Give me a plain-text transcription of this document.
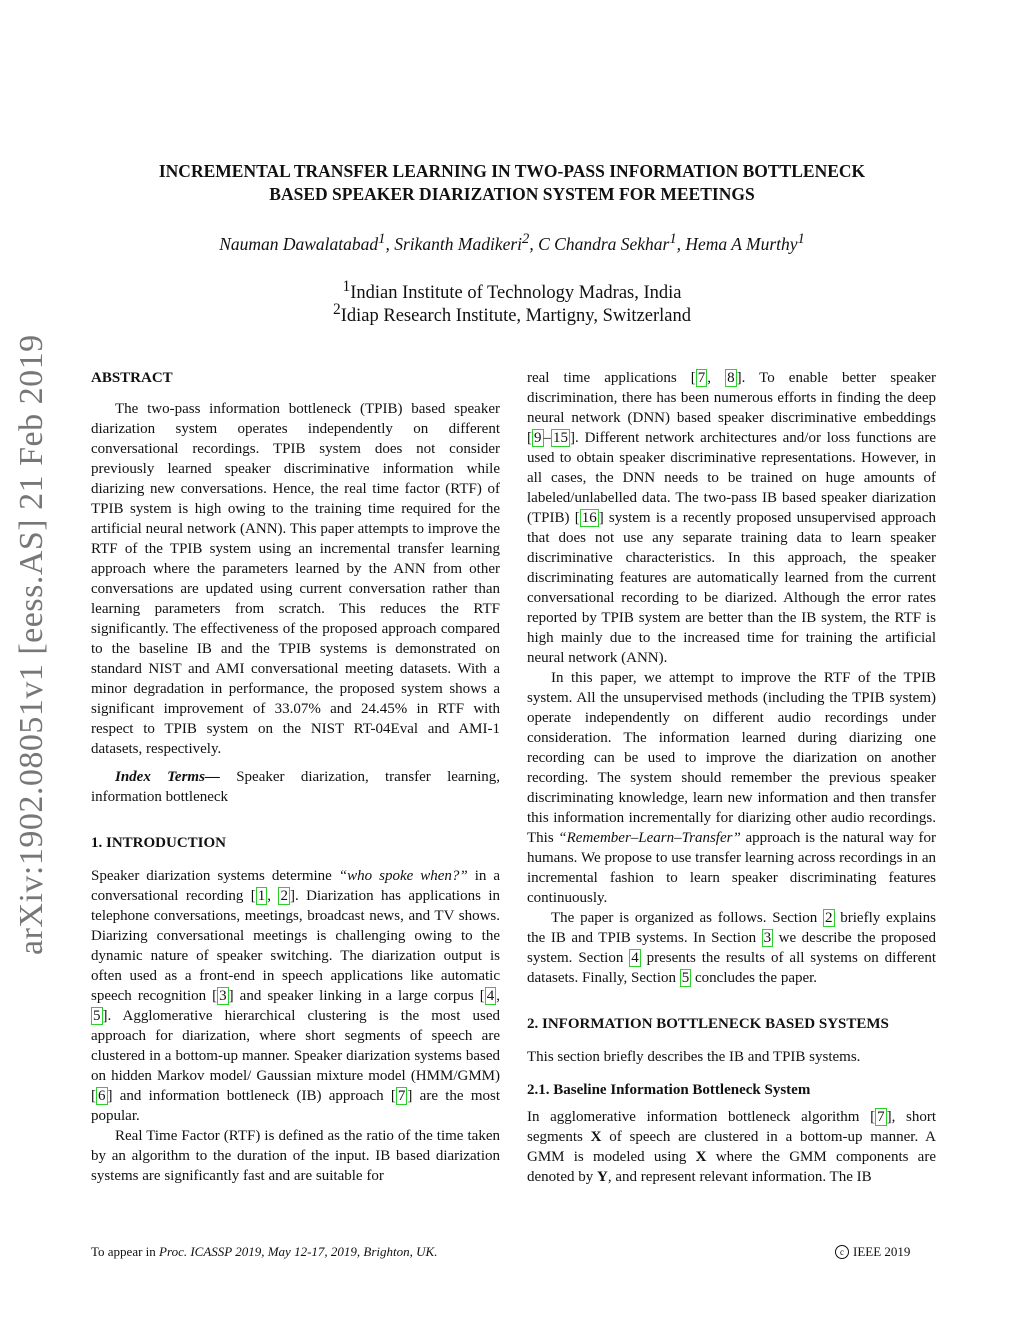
arXiv:1902.08051v1 [eess.AS] 21 Feb 2019
INCREMENTAL TRANSFER LEARNING IN TWO-PASS INFORMATION BOTTLENECK
BASED SPEAKER DIARIZATION SYSTEM FOR MEETINGS

Nauman Dawalatabad$^1$, Srikanth Madikeri$^2$, C Chandra Sekhar$^1$, Hema A Murthy$^1$

$^1$Indian Institute of Technology Madras, India

$^2$Idiap Research Institute, Martigny, Switzerland

ABSTRACT

The two-pass information bottleneck (TPIB) based speaker diarization system operates independently on different conversational recordings. TPIB system does not consider previously learned speaker discriminative information while diarizing new conversations. Hence, the real time factor (RTF) of TPIB system is high owing to the training time required for the artificial neural network (ANN). This paper attempts to improve the RTF of the TPIB system using an incremental transfer learning approach where the parameters learned by the ANN from other conversations are updated using current conversation rather than learning parameters from scratch. This reduces the RTF significantly. The effectiveness of the proposed approach compared to the baseline IB and the TPIB systems is demonstrated on standard NIST and AMI conversational meeting datasets. With a minor degradation in performance, the proposed system shows a significant improvement of 33.07% and 24.45% in RTF with respect to TPIB system on the NIST RT-04Eval and AMI-1 datasets, respectively.

Index Terms— Speaker diarization, transfer learning, information bottleneck

1. INTRODUCTION

Speaker diarization systems determine “who spoke when?” in a conversational recording [ 1 , 2 ]. Diarization has applications in telephone conversations, meetings, broadcast news, and TV shows. Diarizing conversational meetings is challenging owing to the dynamic nature of speaker switching. The diarization output is often used as a front-end in speech applications like automatic speech recognition [ 3 ] and speaker linking in a large corpus [ 4 , 5 ]. Agglomerative hierarchical clustering is the most used approach for diarization, where short segments of speech are clustered in a bottom-up manner. Speaker diarization systems based on hidden Markov model/ Gaussian mixture model (HMM/GMM) [ 6 ] and information bottleneck (IB) approach [ 7 ] are the most popular.

Real Time Factor (RTF) is defined as the ratio of the time taken by an algorithm to the duration of the input. IB based diarization systems are significantly fast and are suitable for

real time applications [ 7 , 8 ]. To enable better speaker discrimination, there has been numerous efforts in finding the deep neural network (DNN) based speaker discriminative embeddings [ 9 – 15 ]. Different network architectures and/or loss functions are used to obtain speaker discriminative representations. However, in all cases, the DNN needs to be trained on huge amounts of labeled/unlabelled data. The two-pass IB based speaker diarization (TPIB) [ 16 ] system is a recently proposed unsupervised approach that does not use any separate training data to learn speaker discriminative characteristics. In this approach, the speaker discriminating features are automatically learned from the current conversational recording to be diarized. Although the error rates reported by TPIB system are better than the IB system, the RTF is high mainly due to the increased time for training the artificial neural network (ANN).

In this paper, we attempt to improve the RTF of the TPIB system. All the unsupervised methods (including the TPIB system) operate independently on different audio recordings under consideration. The information learned during diarizing one recording can be used to improve the diarization on another recording. The system should remember the previous speaker discriminating knowledge, learn new information and then transfer this information incrementally for diarizing other audio recordings. This “Remember–Learn–Transfer” approach is the natural way for humans. We propose to use transfer learning across recordings in an incremental fashion to learn speaker discriminating features continuously.

The paper is organized as follows. Section 2 briefly explains the IB and TPIB systems. In Section 3 we describe the proposed system. Section 4 presents the results of all systems on different datasets. Finally, Section 5 concludes the paper.

2. INFORMATION BOTTLENECK BASED SYSTEMS

This section briefly describes the IB and TPIB systems.

2.1. Baseline Information Bottleneck System

In agglomerative information bottleneck algorithm [ 7 ], short segments X of speech are clustered in a bottom-up manner. A GMM is modeled using X where the GMM components are denoted by Y, and represent relevant information. The IB

To appear in Proc. ICASSP 2019, May 12-17, 2019, Brighton, UK.	c IEEE 2019
